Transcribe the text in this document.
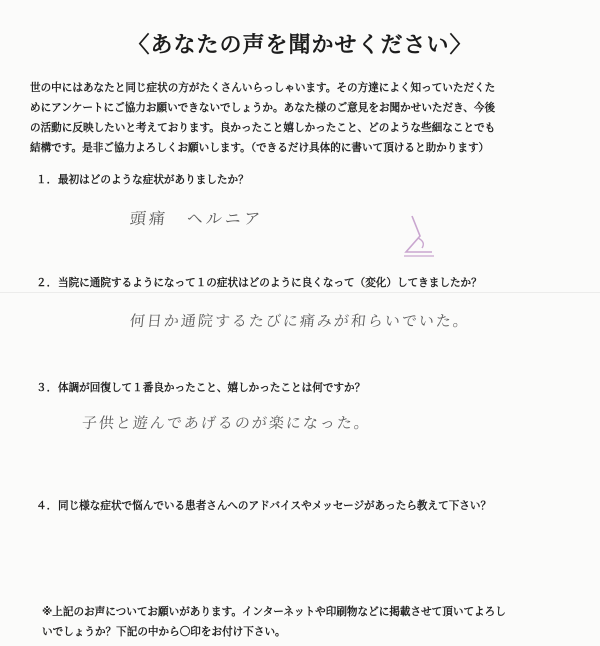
〈あなたの声を聞かせください〉
世の中にはあなたと同じ症状の方がたくさんいらっしゃいます。その方達によく知っていただくた
めにアンケートにご協力お願いできないでしょうか。あなた様のご意見をお聞かせいただき、今後
の活動に反映したいと考えております。良かったこと嬉しかったこと、どのような些細なことでも
結構です。是非ご協力よろしくお願いします。（できるだけ具体的に書いて頂けると助かります）
１．最初はどのような症状がありましたか？
頭痛　ヘルニア
２．当院に通院するようになって１の症状はどのように良くなって（変化）してきましたか？
何日か通院するたびに痛みが和らいでいた。
３．体調が回復して１番良かったこと、嬉しかったことは何ですか？
子供と遊んであげるのが楽になった。
４．同じ様な症状で悩んでいる患者さんへのアドバイスやメッセージがあったら教えて下さい？
※上記のお声についてお願いがあります。インターネットや印刷物などに掲載させて頂いてよろし
いでしょうか？下記の中から〇印をお付け下さい。
